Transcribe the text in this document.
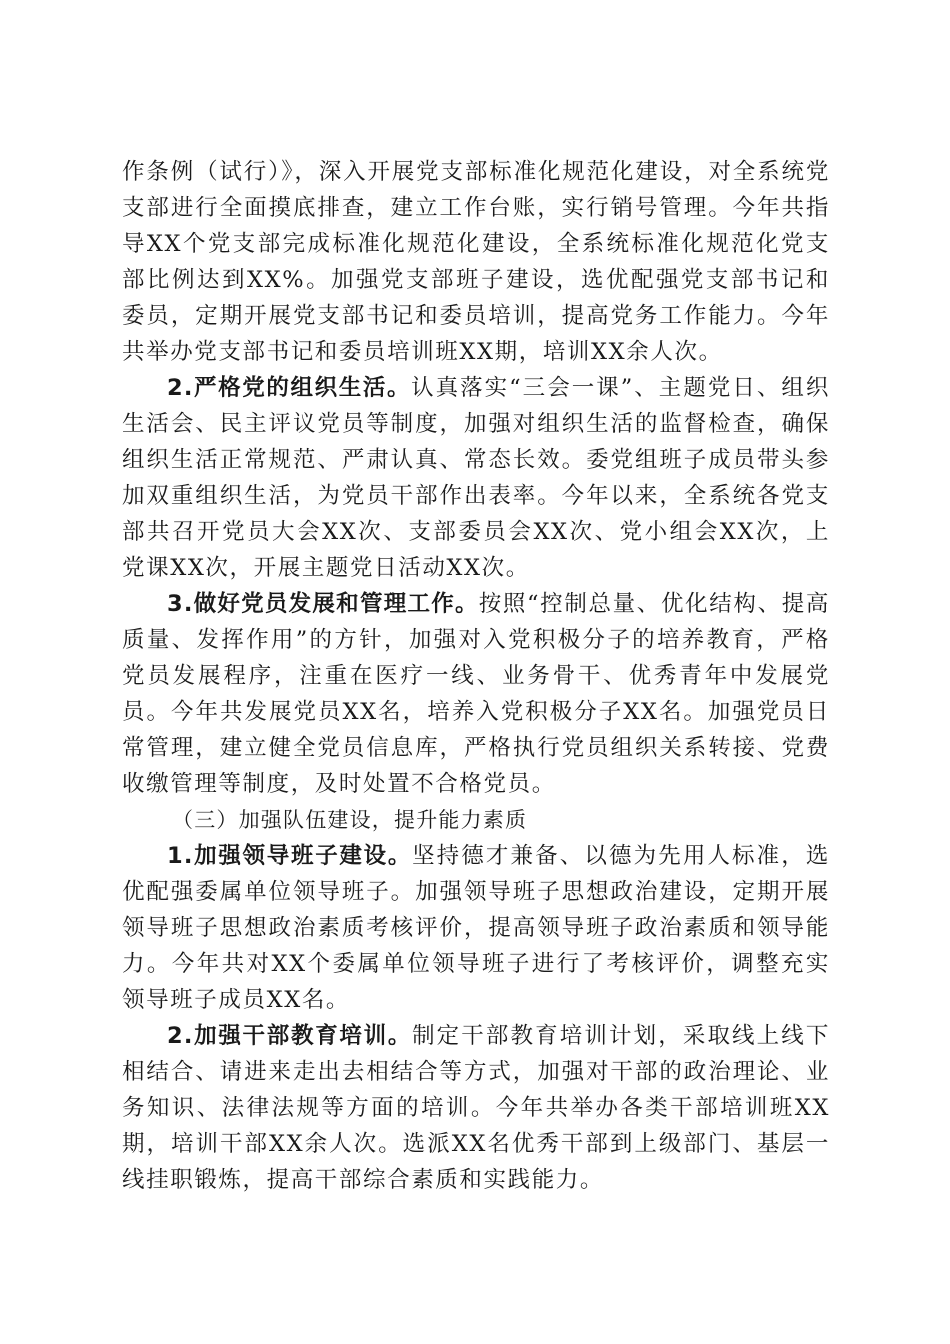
作条例（试行）》，深入开展党支部标准化规范化建设，对全系统党支部进行全面摸底排查，建立工作台账，实行销号管理。今年共指导XX个党支部完成标准化规范化建设，全系统标准化规范化党支部比例达到XX%。加强党支部班子建设，选优配强党支部书记和委员，定期开展党支部书记和委员培训，提高党务工作能力。今年共举办党支部书记和委员培训班XX期，培训XX余人次。

2.严格党的组织生活。认真落实“三会一课”、主题党日、组织生活会、民主评议党员等制度，加强对组织生活的监督检查，确保组织生活正常规范、严肃认真、常态长效。委党组班子成员带头参加双重组织生活，为党员干部作出表率。今年以来，全系统各党支部共召开党员大会XX次、支部委员会XX次、党小组会XX次，上党课XX次，开展主题党日活动XX次。

3.做好党员发展和管理工作。按照“控制总量、优化结构、提高质量、发挥作用”的方针，加强对入党积极分子的培养教育，严格党员发展程序，注重在医疗一线、业务骨干、优秀青年中发展党员。今年共发展党员XX名，培养入党积极分子XX名。加强党员日常管理，建立健全党员信息库，严格执行党员组织关系转接、党费收缴管理等制度，及时处置不合格党员。

（三）加强队伍建设，提升能力素质

1.加强领导班子建设。坚持德才兼备、以德为先用人标准，选优配强委属单位领导班子。加强领导班子思想政治建设，定期开展领导班子思想政治素质考核评价，提高领导班子政治素质和领导能力。今年共对XX个委属单位领导班子进行了考核评价，调整充实领导班子成员XX名。

2.加强干部教育培训。制定干部教育培训计划，采取线上线下相结合、请进来走出去相结合等方式，加强对干部的政治理论、业务知识、法律法规等方面的培训。今年共举办各类干部培训班XX期，培训干部XX余人次。选派XX名优秀干部到上级部门、基层一线挂职锻炼，提高干部综合素质和实践能力。
